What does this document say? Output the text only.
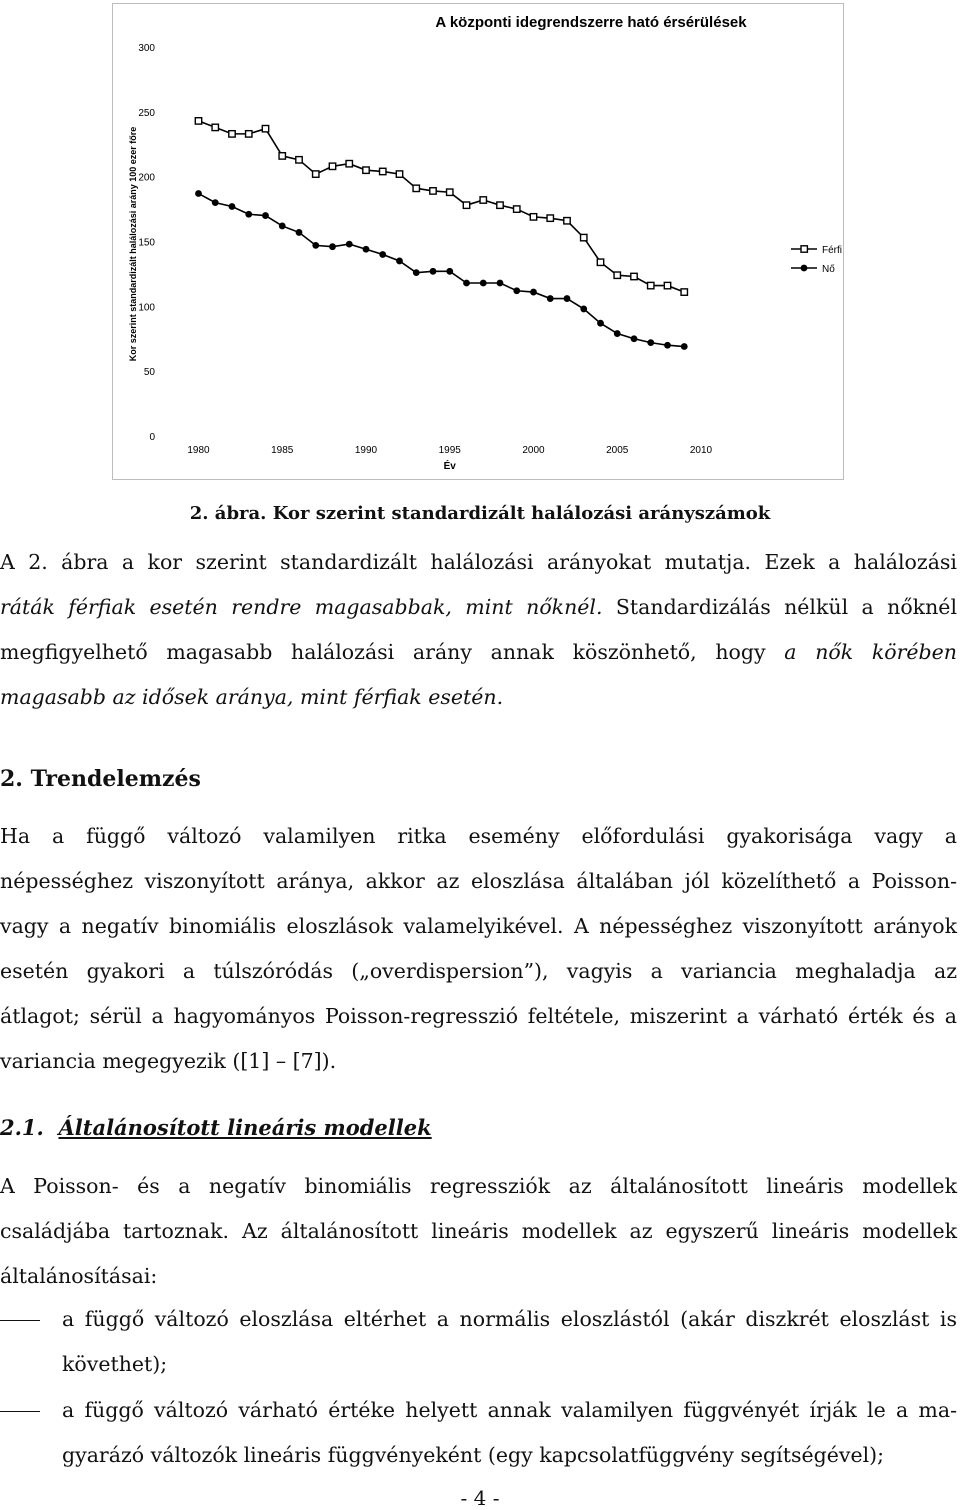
A központi idegrendszerre ható érsérülések
0
50
100
150
200
250
300
1980	1985	1990	1995	2000	2005	2010
Év
Kor szerint standardizált halálozási arány 100 ezer főre	Férfi
Nő
2. ábra. Kor szerint standardizált halálozási arányszámok
A 2. ábra a kor szerint standardizált halálozási arányokat mutatja. Ezek a halálozási
ráták férfiak esetén rendre magasabbak, mint nőknél. Standardizálás nélkül a nőknél
megfigyelhető magasabb halálozási arány annak köszönhető, hogy a nők körében
magasabb az idősek aránya, mint férfiak esetén.
2. Trendelemzés
Ha a függő változó valamilyen ritka esemény előfordulási gyakorisága vagy a
népességhez viszonyított aránya, akkor az eloszlása általában jól közelíthető a Poisson-
vagy a negatív binomiális eloszlások valamelyikével. A népességhez viszonyított arányok
esetén gyakori a túlszóródás („overdispersion”), vagyis a variancia meghaladja az
átlagot; sérül a hagyományos Poisson-regresszió feltétele, miszerint a várható érték és a
variancia megegyezik ([1] – [7]).
2.1. Általánosított lineáris modellek
A Poisson- és a negatív binomiális regressziók az általánosított lineáris modellek
családjába tartoznak. Az általánosított lineáris modellek az egyszerű lineáris modellek
általánosításai:
a függő változó eloszlása eltérhet a normális eloszlástól (akár diszkrét eloszlást is
követhet);
a függő változó várható értéke helyett annak valamilyen függvényét írják le a ma-
gyarázó változók lineáris függvényeként (egy kapcsolatfüggvény segítségével);
- 4 -
